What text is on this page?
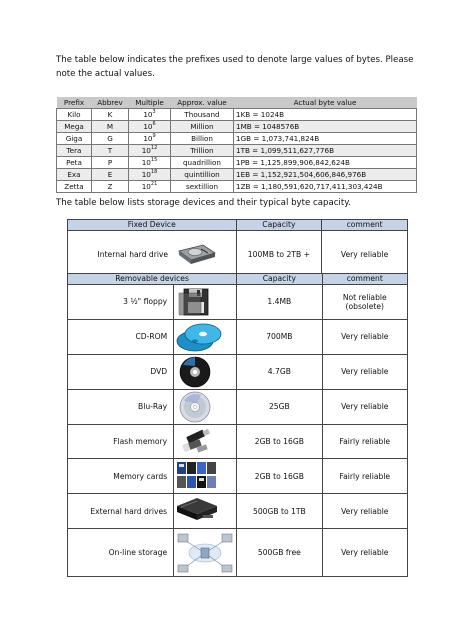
The table below indicates the prefixes used to denote large values of bytes. Please note the actual values.

Prefix	Abbrev	Multiple	Approx. value	Actual byte value
Kilo	K	$10^3$	Thousand	1KB = 1024B
Mega	M	$10^6$	Million	1MB = 1048576B
Giga	G	$10^9$	Billion	1GB = 1,073,741,824B
Tera	T	$10^{12}$	Trillion	1TB = 1,099,511,627,776B
Peta	P	$10^{15}$	quadrillion	1PB = 1,125,899,906,842,624B
Exa	E	$10^{18}$	quintillion	1EB = 1,152,921,504,606,846,976B
Zetta	Z	$10^{21}$	sextillion	1ZB = 1,180,591,620,717,411,303,424B

The table below lists storage devices and their typical byte capacity.

Fixed Device		Capacity	comment
Internal hard drive		100MB to 2TB +	Very reliable
Removable devices		Capacity	comment
3 ½" floppy		1.4MB	Not reliable (obsolete)
CD-ROM		700MB	Very reliable
DVD		4.7GB	Very reliable
Blu-Ray		25GB	Very reliable
Flash memory		2GB to 16GB	Fairly reliable
Memory cards		2GB to 16GB	Fairly reliable
External hard drives		500GB to 1TB	Very reliable
On-line storage		500GB free	Very reliable
